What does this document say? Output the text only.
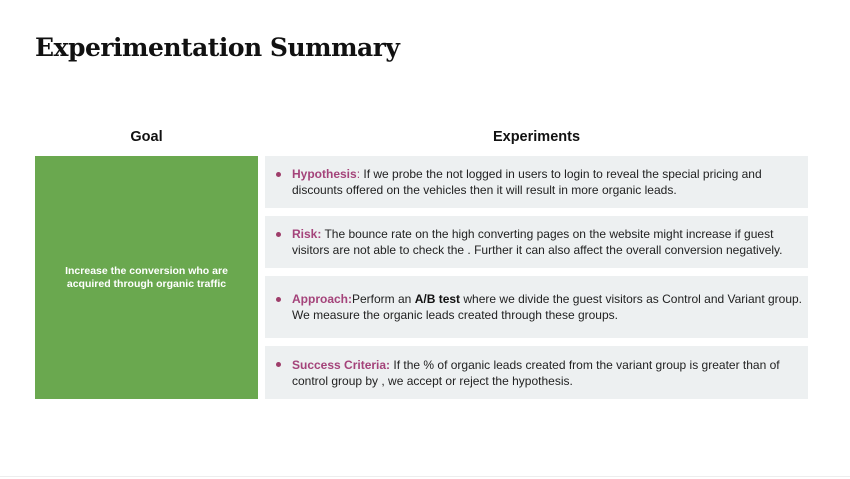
Experimentation Summary
Goal	Experiments
Increase the conversion who are acquired through organic traffic
Hypothesis: If we probe the not logged in users to login to reveal the special pricing and discounts offered on the vehicles then it will result in more organic leads.
Risk: The bounce rate on the high converting pages on the website might increase if guest visitors are not able to check the . Further it can also affect the overall conversion negatively.
Approach:Perform an A/B test where we divide the guest visitors as Control and Variant group. We measure the organic leads created through these groups.
Success Criteria: If the % of organic leads created from the variant group is greater than of control group by , we accept or reject the hypothesis.
